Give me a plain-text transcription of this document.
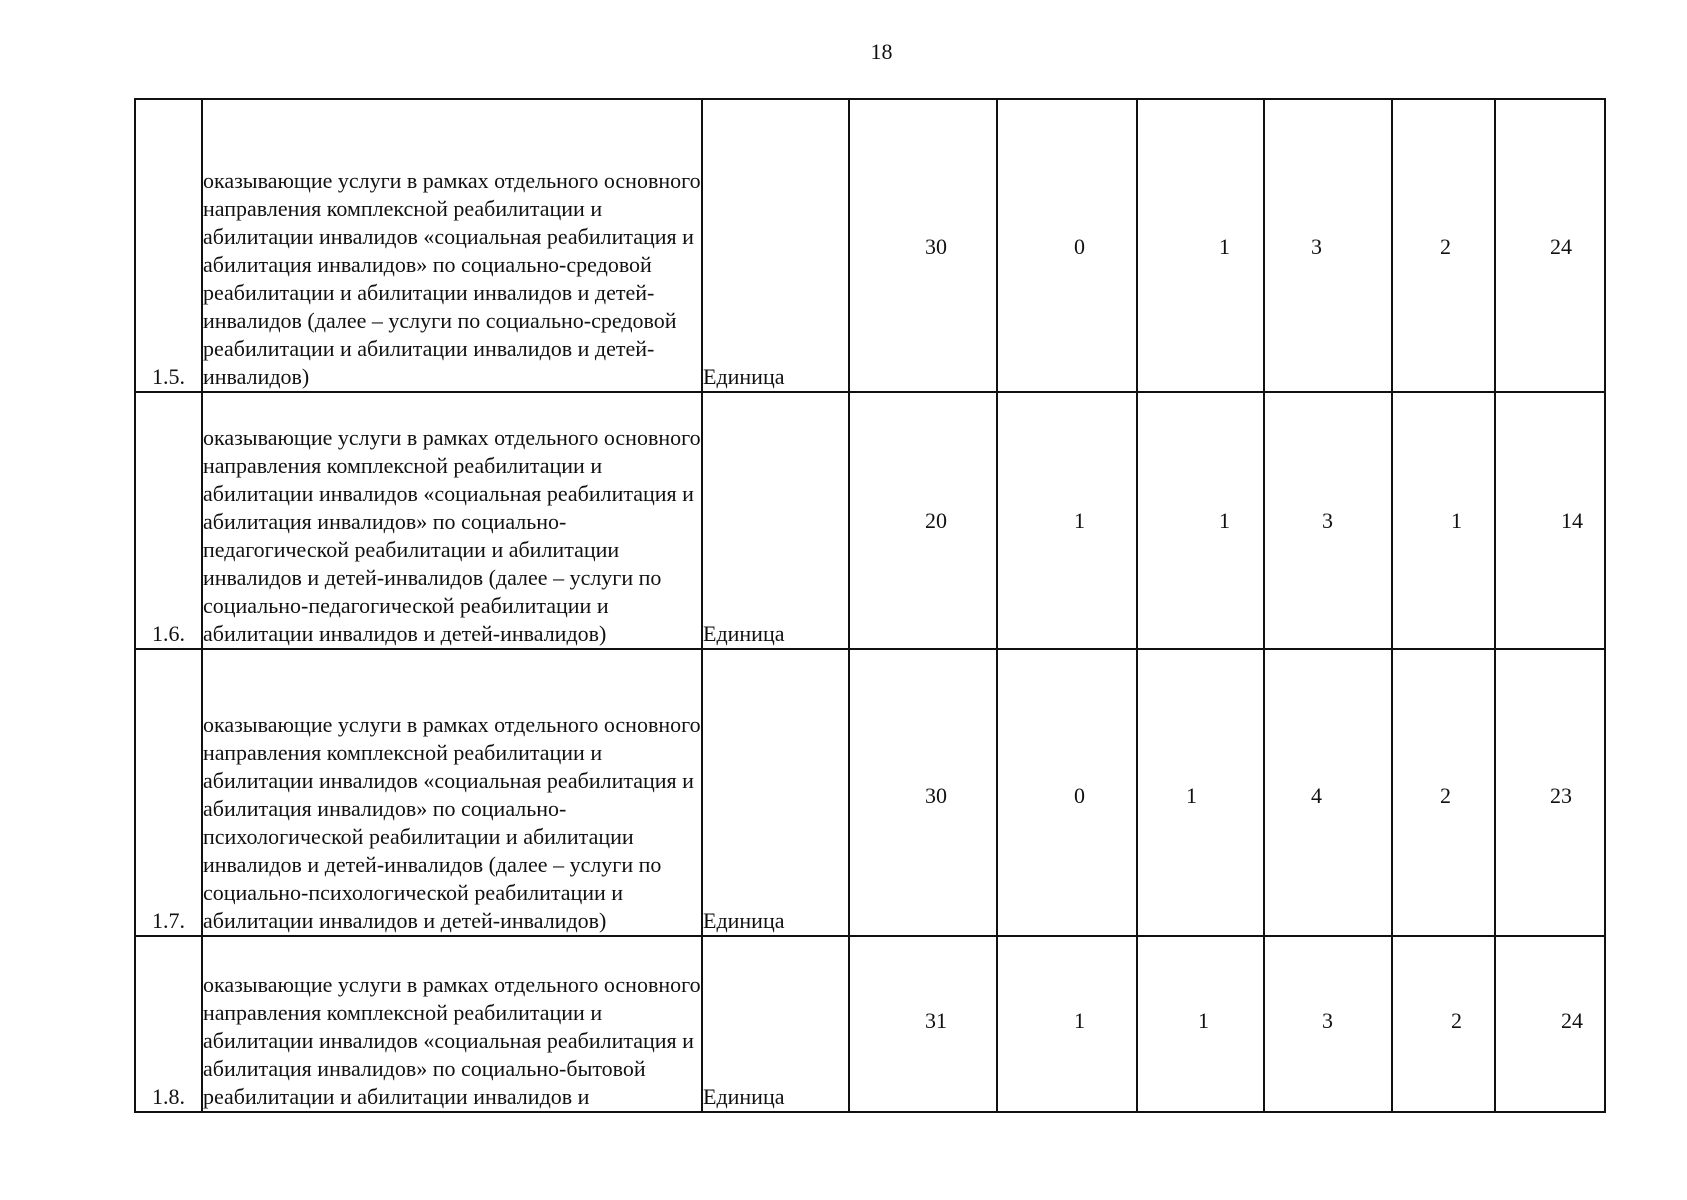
18
1.5.	оказывающие услуги в рамках отдельного основного направления комплексной реабилитации и абилитации инвалидов «социальная реабилитация и абилитация инвалидов» по социально-средовой реабилитации и абилитации инвалидов и детей-инвалидов (далее – услуги по социально-средовой реабилитации и абилитации инвалидов и детей-инвалидов)	Единица	30	0	1	3	2	24

1.6.	оказывающие услуги в рамках отдельного основного направления комплексной реабилитации и абилитации инвалидов «социальная реабилитация и абилитация инвалидов» по социально-педагогической реабилитации и абилитации инвалидов и детей-инвалидов (далее – услуги по социально-педагогической реабилитации и абилитации инвалидов и детей-инвалидов)	Единица	20	1	1	3	1	14

1.7.	оказывающие услуги в рамках отдельного основного направления комплексной реабилитации и абилитации инвалидов «социальная реабилитация и абилитация инвалидов» по социально-психологической реабилитации и абилитации инвалидов и детей-инвалидов (далее – услуги по социально-психологической реабилитации и абилитации инвалидов и детей-инвалидов)	Единица	30	0	1	4	2	23

1.8.	оказывающие услуги в рамках отдельного основного направления комплексной реабилитации и абилитации инвалидов «социальная реабилитация и абилитация инвалидов» по социально-бытовой реабилитации и абилитации инвалидов и	Единица	31	1	1	3	2	24
